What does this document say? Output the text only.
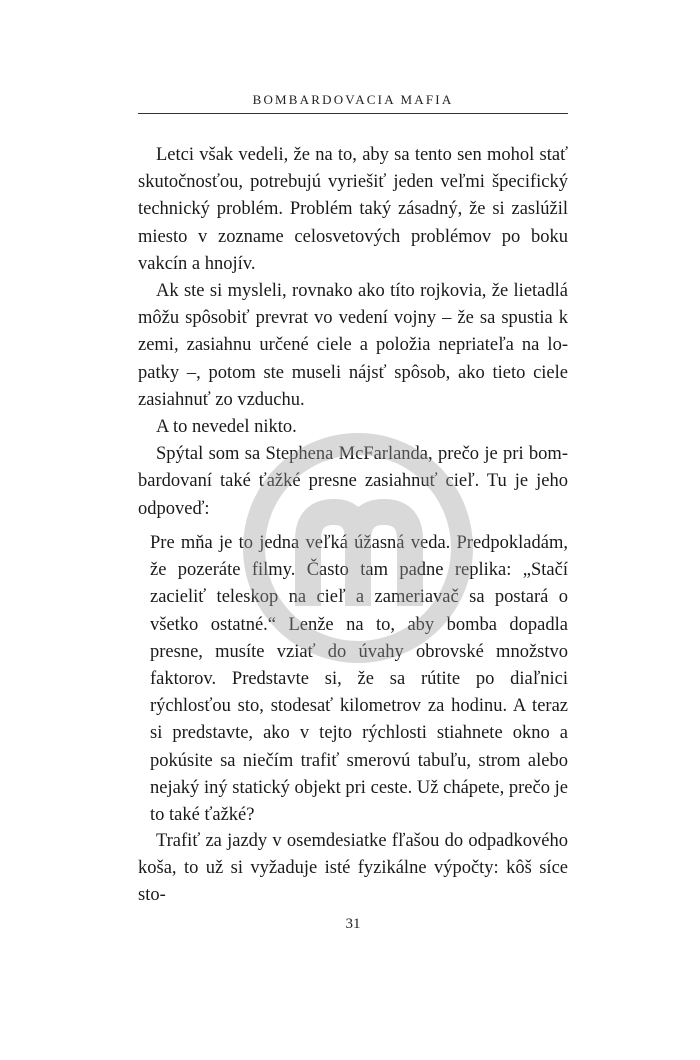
BOMBARDOVACIA MAFIA

Letci však vedeli, že na to, aby sa tento sen mohol stať skutočnosťou, potrebujú vyriešiť jeden veľmi špecifický technický problém. Problém taký zásadný, že si zaslúžil miesto v zozname celosvetových problémov po boku vakcín a hnojív.

Ak ste si mysleli, rovnako ako títo rojkovia, že lietadlá môžu spôsobiť prevrat vo vedení vojny – že sa spustia k zemi, zasiahnu určené ciele a položia nepriateľa na lopatky –, potom ste museli nájsť spôsob, ako tieto ciele zasiahnuť zo vzduchu.

A to nevedel nikto.

Spýtal som sa Stephena McFarlanda, prečo je pri bombardovaní také ťažké presne zasiahnuť cieľ. Tu je jeho odpoveď:

Pre mňa je to jedna veľká úžasná veda. Predpokladám, že pozeráte filmy. Často tam padne replika: „Stačí zacieliť teleskop na cieľ a zameriavač sa postará o všetko ostatné.“ Lenže na to, aby bomba dopadla presne, musíte vziať do úvahy obrovské množstvo faktorov. Predstavte si, že sa rútite po diaľnici rýchlosťou sto, stodesať kilometrov za hodinu. A teraz si predstavte, ako v tejto rýchlosti stiahnete okno a pokúsite sa niečím trafiť smerovú tabuľu, strom alebo nejaký iný statický objekt pri ceste. Už chápete, prečo je to také ťažké?

Trafiť za jazdy v osemdesiatke fľašou do odpadkového koša, to už si vyžaduje isté fyzikálne výpočty: kôš síce sto-

31
